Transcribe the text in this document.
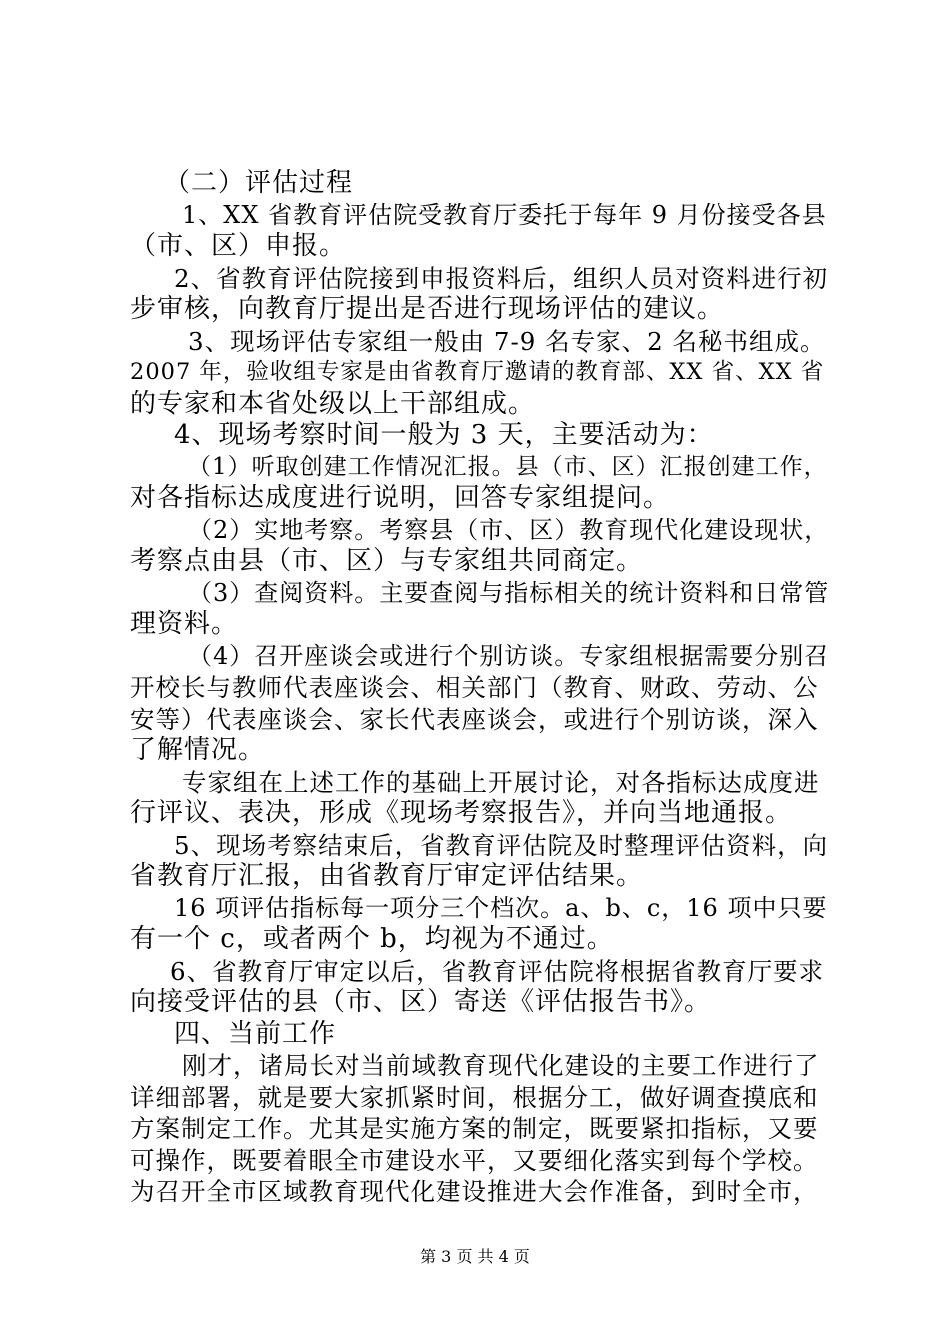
（二）评估过程
1、XX 省教育评估院受教育厅委托于每年 9 月份接受各县
（市、区）申报。
2、省教育评估院接到申报资料后，组织人员对资料进行初
步审核，向教育厅提出是否进行现场评估的建议。
3、现场评估专家组一般由 7-9 名专家、2 名秘书组成。
2007 年，验收组专家是由省教育厅邀请的教育部、XX 省、XX 省
的专家和本省处级以上干部组成。
4、现场考察时间一般为 3 天，主要活动为：
（1）听取创建工作情况汇报。县（市、区）汇报创建工作，
对各指标达成度进行说明，回答专家组提问。
（2）实地考察。考察县（市、区）教育现代化建设现状，
考察点由县（市、区）与专家组共同商定。
（3）查阅资料。主要查阅与指标相关的统计资料和日常管
理资料。
（4）召开座谈会或进行个别访谈。专家组根据需要分别召
开校长与教师代表座谈会、相关部门（教育、财政、劳动、公
安等）代表座谈会、家长代表座谈会，或进行个别访谈，深入
了解情况。
专家组在上述工作的基础上开展讨论，对各指标达成度进
行评议、表决，形成《现场考察报告》，并向当地通报。
5、现场考察结束后，省教育评估院及时整理评估资料，向
省教育厅汇报，由省教育厅审定评估结果。
16 项评估指标每一项分三个档次。a、b、c，16 项中只要
有一个 c，或者两个 b，均视为不通过。
6、省教育厅审定以后，省教育评估院将根据省教育厅要求
向接受评估的县（市、区）寄送《评估报告书》。
四、当前工作
刚才，诸局长对当前域教育现代化建设的主要工作进行了
详细部署，就是要大家抓紧时间，根据分工，做好调查摸底和
方案制定工作。尤其是实施方案的制定，既要紧扣指标，又要
可操作，既要着眼全市建设水平，又要细化落实到每个学校。
为召开全市区域教育现代化建设推进大会作准备，到时全市，
第 3 页 共 4 页
